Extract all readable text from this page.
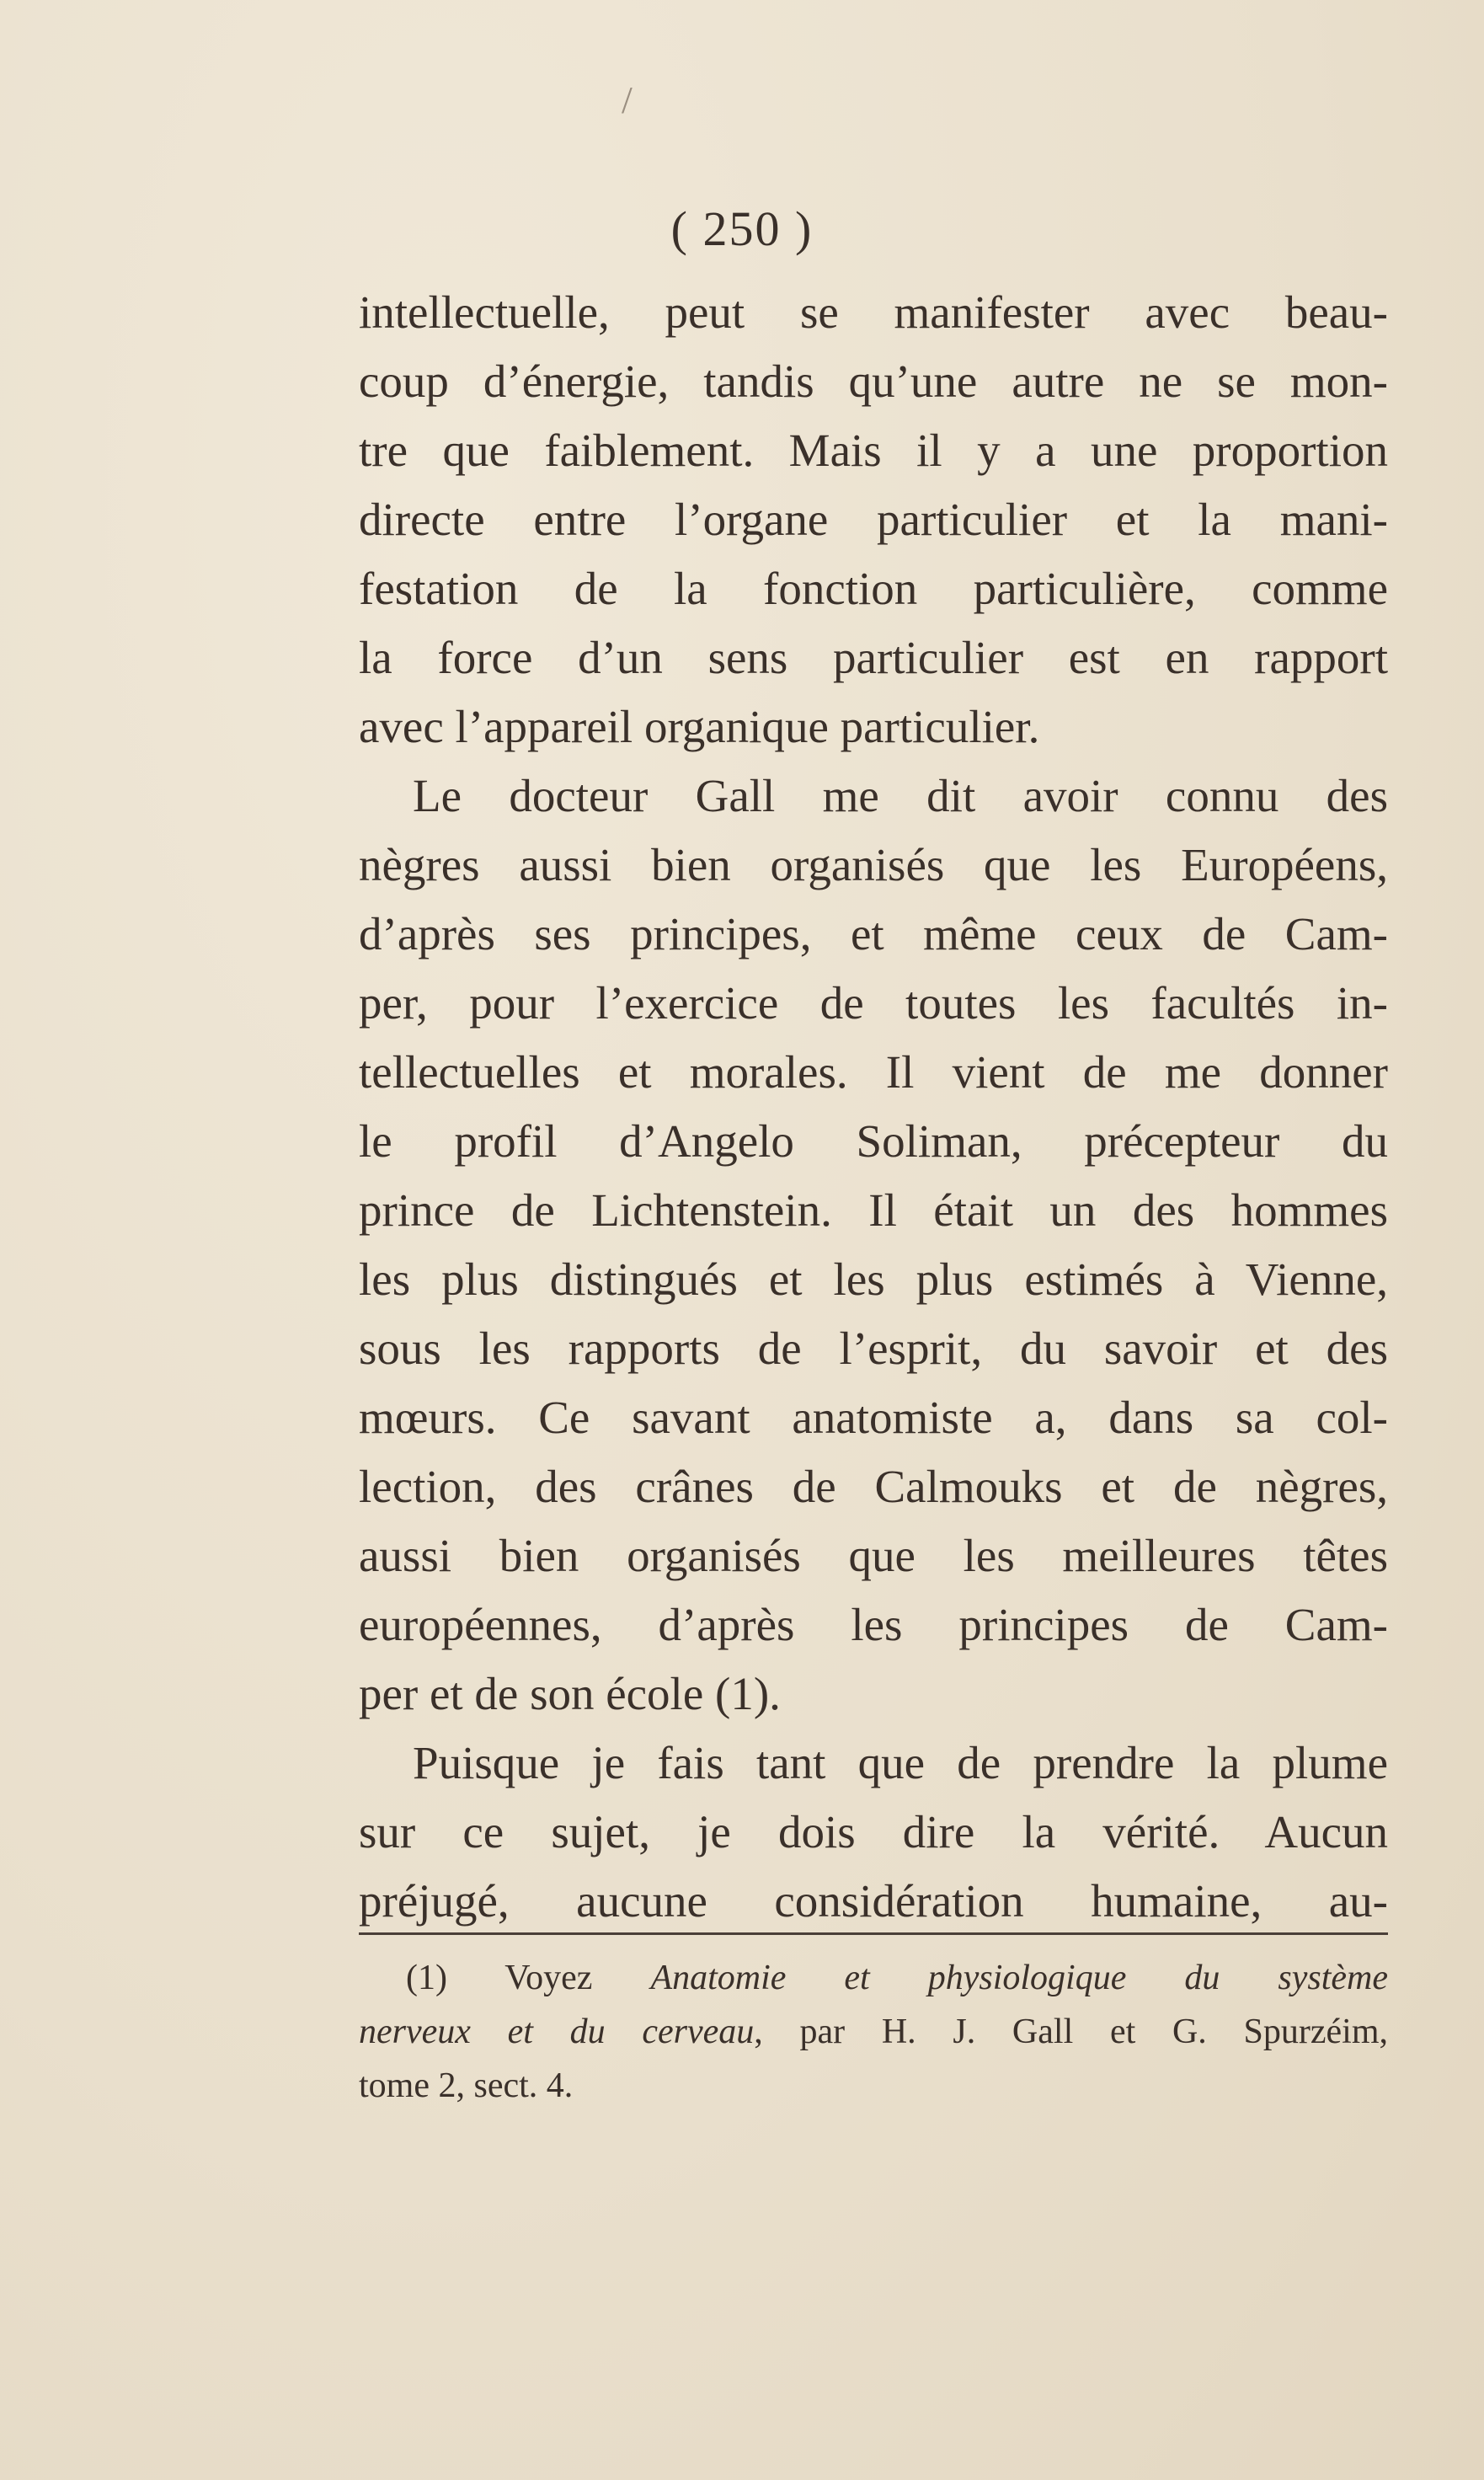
/
( 250 )
intellectuelle, peut se manifester avec beau-
coup d’énergie, tandis qu’une autre ne se mon-
tre que faiblement. Mais il y a une proportion
directe entre l’organe particulier et la mani-
festation de la fonction particulière, comme
la force d’un sens particulier est en rapport
avec l’appareil organique particulier.
Le docteur Gall me dit avoir connu des
nègres aussi bien organisés que les Européens,
d’après ses principes, et même ceux de Cam-
per, pour l’exercice de toutes les facultés in-
tellectuelles et morales. Il vient de me donner
le profil d’Angelo Soliman, précepteur du
prince de Lichtenstein. Il était un des hommes
les plus distingués et les plus estimés à Vienne,
sous les rapports de l’esprit, du savoir et des
mœurs. Ce savant anatomiste a, dans sa col-
lection, des crânes de Calmouks et de nègres,
aussi bien organisés que les meilleures têtes
européennes, d’après les principes de Cam-
per et de son école (1).
Puisque je fais tant que de prendre la plume
sur ce sujet, je dois dire la vérité. Aucun
préjugé, aucune considération humaine, au-
(1) Voyez Anatomie et physiologique du système
nerveux et du cerveau, par H. J. Gall et G. Spurzéim,
tome 2, sect. 4.
